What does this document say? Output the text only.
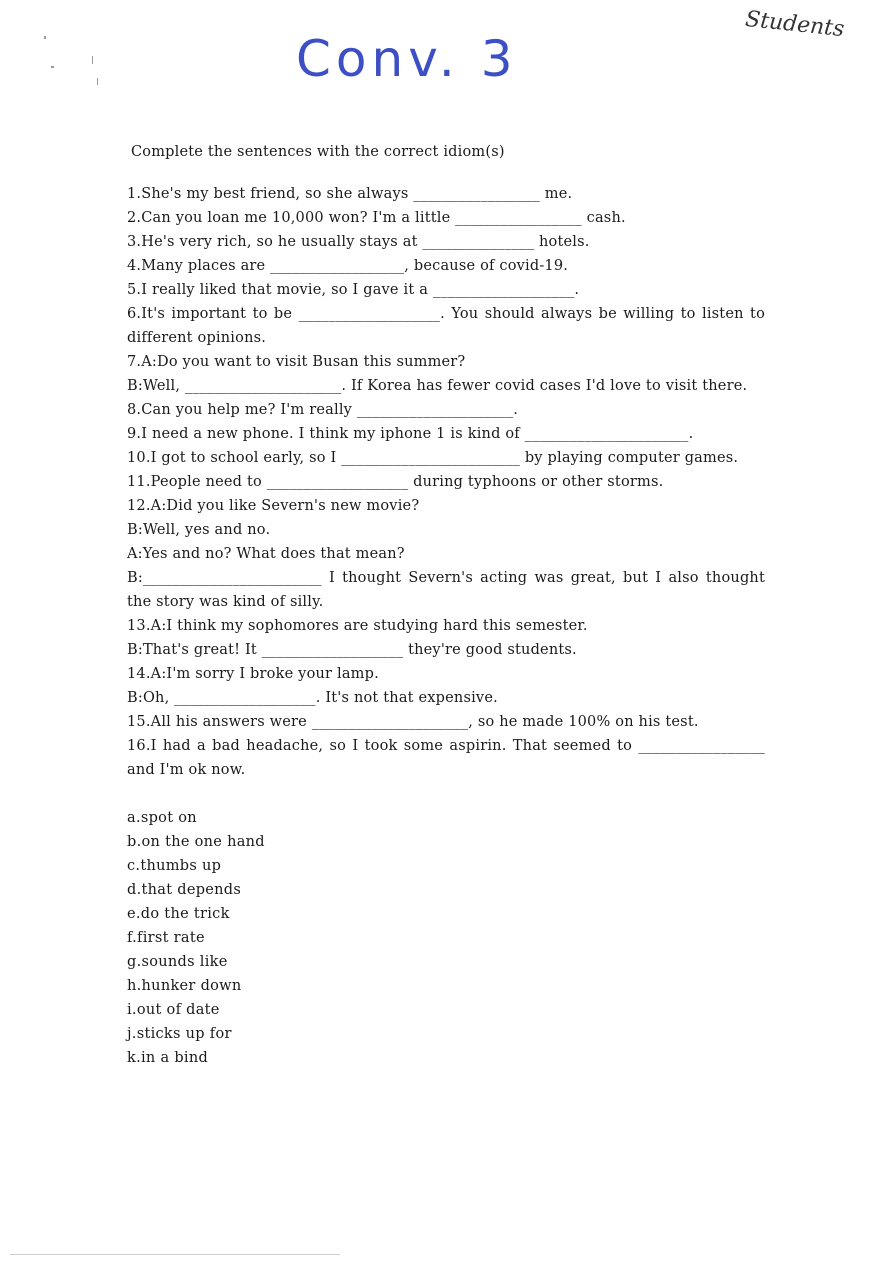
Conv. 3
Students

Complete the sentences with the correct idiom(s)

1.She's my best friend, so she always _________________ me.

2.Can you loan me 10,000 won? I'm a little _________________ cash.

3.He's very rich, so he usually stays at _______________ hotels.

4.Many places are __________________, because of covid-19.

5.I really liked that movie, so I gave it a ___________________.

6.It's important to be ___________________. You should always be willing to listen to different opinions.

7.A:Do you want to visit Busan this summer?

B:Well, _____________________. If Korea has fewer covid cases I'd love to visit there.

8.Can you help me? I'm really _____________________.

9.I need a new phone. I think my iphone 1 is kind of ______________________.

10.I got to school early, so I ________________________ by playing computer games.

11.People need to ___________________ during typhoons or other storms.

12.A:Did you like Severn's new movie?

B:Well, yes and no.

A:Yes and no? What does that mean?

B:________________________ I thought Severn's acting was great, but I also thought the story was kind of silly.

13.A:I think my sophomores are studying hard this semester.

B:That's great! It ___________________ they're good students.

14.A:I'm sorry I broke your lamp.

B:Oh, ___________________. It's not that expensive.

15.All his answers were _____________________, so he made 100% on his test.

16.I had a bad headache, so I took some aspirin. That seemed to _________________ and I'm ok now.

a.spot on

b.on the one hand

c.thumbs up

d.that depends

e.do the trick

f.first rate

g.sounds like

h.hunker down

i.out of date

j.sticks up for

k.in a bind
